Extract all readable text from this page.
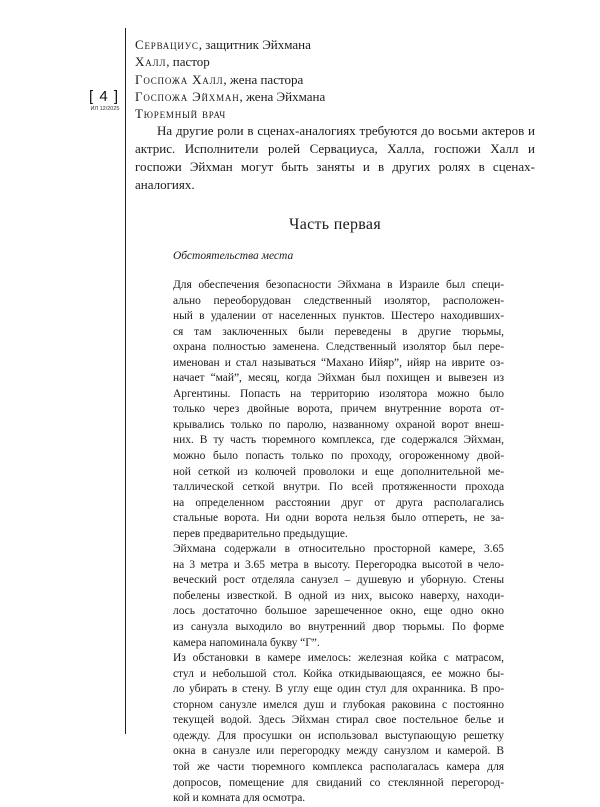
[ 4 ]
ИЛ 12/2025
Сервациус, защитник Эйхмана
Халл, пастор
Госпожа Халл, жена пастора
Госпожа Эйхман, жена Эйхмана
Тюремный врач
На другие роли в сценах-аналогиях требуются до восьми актеров и актрис. Исполнители ролей Сервациуса, Халла, госпожи Халл и госпожи Эйхман могут быть заняты и в других ролях в сценах-аналогиях.
Часть первая
Обстоятельства места
Для обеспечения безопасности Эйхмана в Израиле был специ-
ально переоборудован следственный изолятор, расположен-
ный в удалении от населенных пунктов. Шестеро находивших-
ся там заключенных были переведены в другие тюрьмы,
охрана полностью заменена. Следственный изолятор был пере-
именован и стал называться “Махано Ийяр”, ийяр на иврите оз-
начает “май”, месяц, когда Эйхман был похищен и вывезен из
Аргентины. Попасть на территорию изолятора можно было
только через двойные ворота, причем внутренние ворота от-
крывались только по паролю, названному охраной ворот внеш-
них. В ту часть тюремного комплекса, где содержался Эйхман,
можно было попасть только по проходу, огороженному двой-
ной сеткой из колючей проволоки и еще дополнительной ме-
таллической сеткой внутри. По всей протяженности прохода
на определенном расстоянии друг от друга располагались
стальные ворота. Ни одни ворота нельзя было отпереть, не за-
перев предварительно предыдущие.
Эйхмана содержали в относительно просторной камере, 3.65
на 3 метра и 3.65 метра в высоту. Перегородка высотой в чело-
веческий рост отделяла санузел – душевую и уборную. Стены
побелены известкой. В одной из них, высоко наверху, находи-
лось достаточно большое зарешеченное окно, еще одно окно
из санузла выходило во внутренний двор тюрьмы. По форме
камера напоминала букву “Г”.
Из обстановки в камере имелось: железная койка с матрасом,
стул и небольшой стол. Койка откидывающаяся, ее можно бы-
ло убирать в стену. В углу еще один стул для охранника. В про-
сторном санузле имелся душ и глубокая раковина с постоянно
текущей водой. Здесь Эйхман стирал свое постельное белье и
одежду. Для просушки он использовал выступающую решетку
окна в санузле или перегородку между санузлом и камерой. В
той же части тюремного комплекса располагалась камера для
допросов, помещение для свиданий со стеклянной перегород-
кой и комната для осмотра.
